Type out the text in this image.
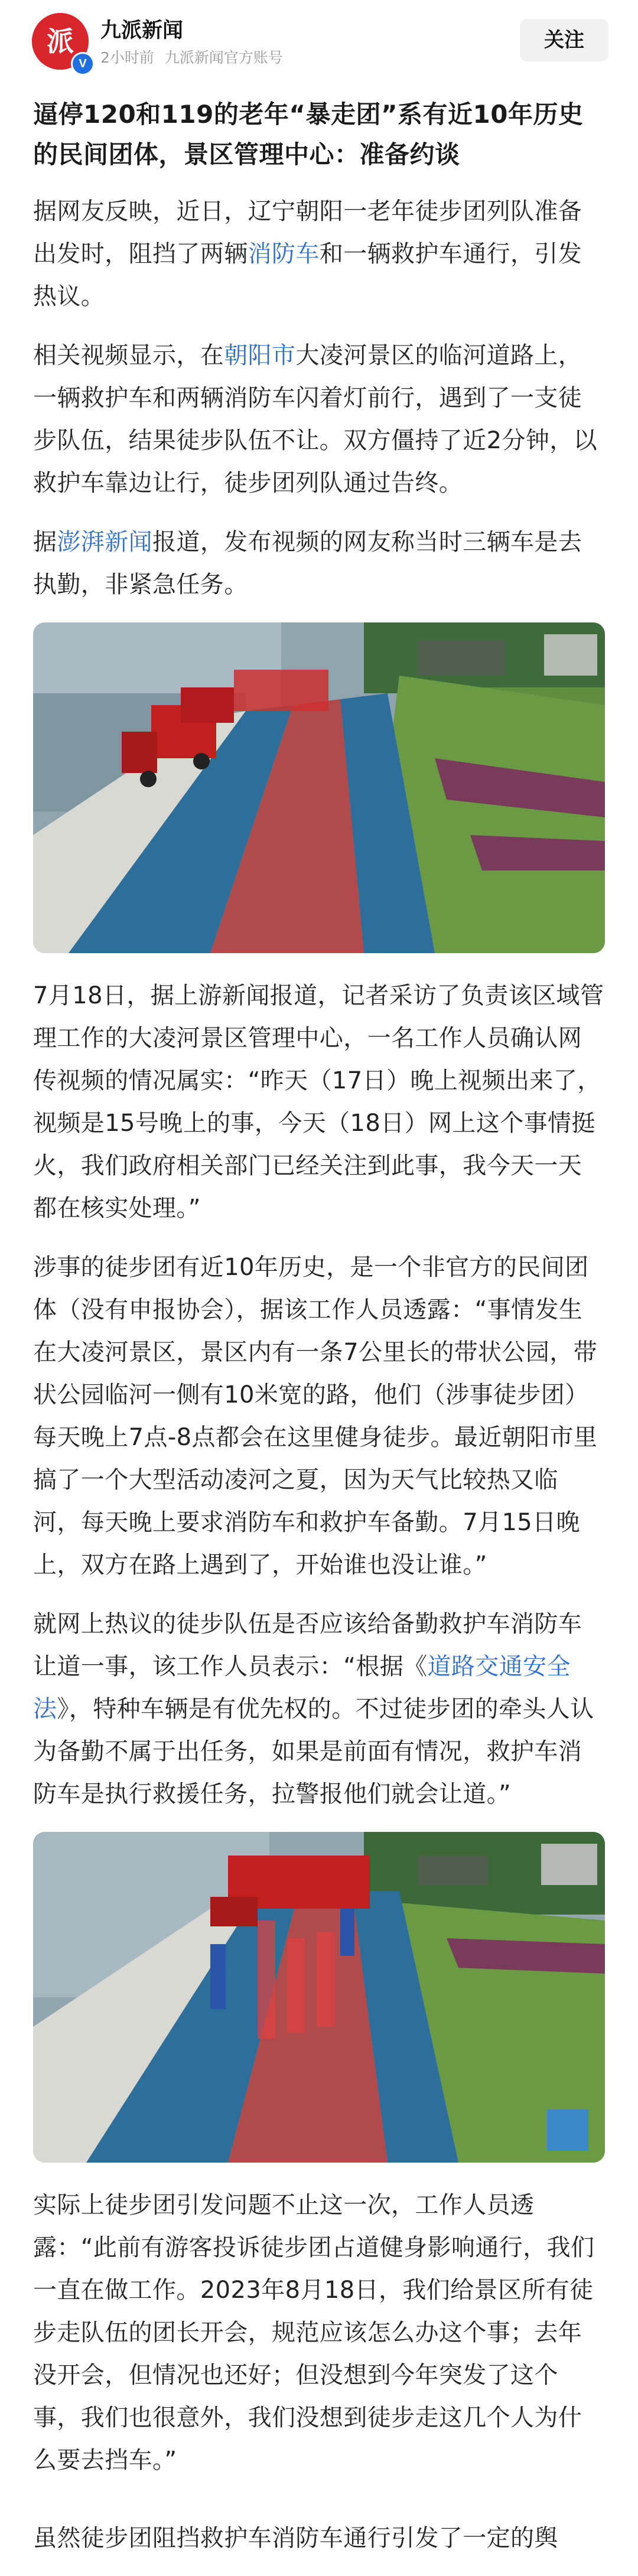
派
V
九派新闻
2小时前 九派新闻官方账号
关注
逼停120和119的老年“暴走团”系有近10年历史的民间团体，景区管理中心：准备约谈

据网友反映，近日，辽宁朝阳一老年徒步团列队准备出发时，阻挡了两辆消防车和一辆救护车通行，引发热议。

相关视频显示，在朝阳市大凌河景区的临河道路上，一辆救护车和两辆消防车闪着灯前行，遇到了一支徒步队伍，结果徒步队伍不让。双方僵持了近2分钟，以救护车靠边让行，徒步团列队通过告终。

据澎湃新闻报道，发布视频的网友称当时三辆车是去执勤，非紧急任务。

7月18日，据上游新闻报道，记者采访了负责该区域管理工作的大凌河景区管理中心，一名工作人员确认网传视频的情况属实：“昨天（17日）晚上视频出来了，视频是15号晚上的事，今天（18日）网上这个事情挺火，我们政府相关部门已经关注到此事，我今天一天都在核实处理。”

涉事的徒步团有近10年历史，是一个非官方的民间团体（没有申报协会），据该工作人员透露：“事情发生在大凌河景区，景区内有一条7公里长的带状公园，带状公园临河一侧有10米宽的路，他们（涉事徒步团）每天晚上7点-8点都会在这里健身徒步。最近朝阳市里搞了一个大型活动凌河之夏，因为天气比较热又临河，每天晚上要求消防车和救护车备勤。7月15日晚上，双方在路上遇到了，开始谁也没让谁。”

就网上热议的徒步队伍是否应该给备勤救护车消防车让道一事，该工作人员表示：“根据《道路交通安全法》，特种车辆是有优先权的。不过徒步团的牵头人认为备勤不属于出任务，如果是前面有情况，救护车消防车是执行救援任务，拉警报他们就会让道。”

实际上徒步团引发问题不止这一次，工作人员透露：“此前有游客投诉徒步团占道健身影响通行，我们一直在做工作。2023年8月18日，我们给景区所有徒步走队伍的团长开会，规范应该怎么办这个事；去年没开会，但情况也还好；但没想到今年突发了这个事，我们也很意外，我们没想到徒步走这几个人为什么要去挡车。”

虽然徒步团阻挡救护车消防车通行引发了一定的舆
